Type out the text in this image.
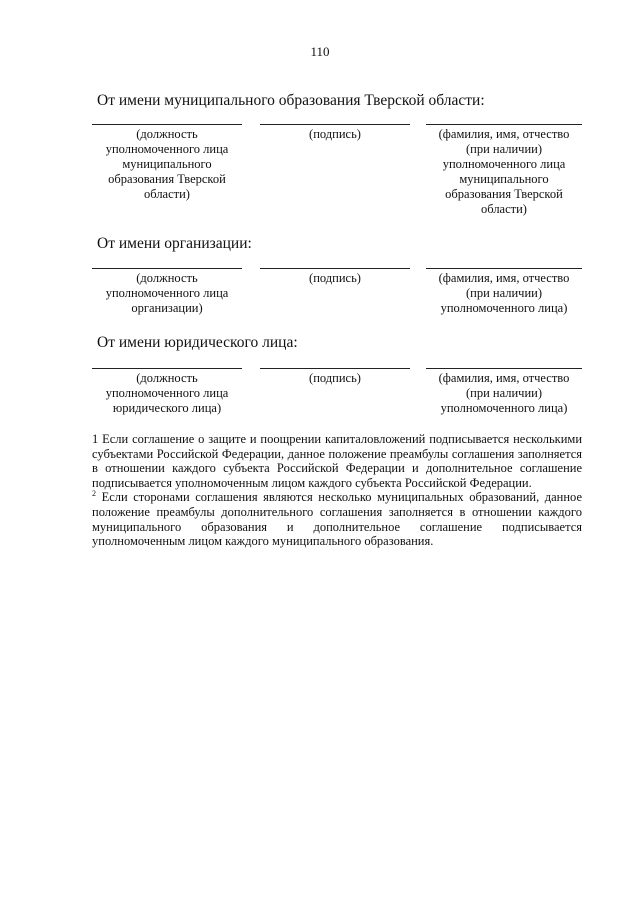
110
От имени муниципального образования Тверской области:
(должность
уполномоченного лица
муниципального
образования Тверской
области)
(подпись)	(фамилия, имя, отчество
(при наличии)
уполномоченного лица
муниципального
образования Тверской
области)
От имени организации:
(должность
уполномоченного лица
организации)
(подпись)	(фамилия, имя, отчество
(при наличии)
уполномоченного лица)
От имени юридического лица:
(должность
уполномоченного лица
юридического лица)
(подпись)	(фамилия, имя, отчество
(при наличии)
уполномоченного лица)

1 Если соглашение о защите и поощрении капиталовложений подписывается несколькими субъектами Российской Федерации, данное положение преамбулы соглашения заполняется в отношении каждого субъекта Российской Федерации и дополнительное соглашение подписывается уполномоченным лицом каждого субъекта Российской Федерации.

$^2$ Если сторонами соглашения являются несколько муниципальных образований, данное положение преамбулы дополнительного соглашения заполняется в отношении каждого муниципального образования и дополнительное соглашение подписывается уполномоченным лицом каждого муниципального образования.
